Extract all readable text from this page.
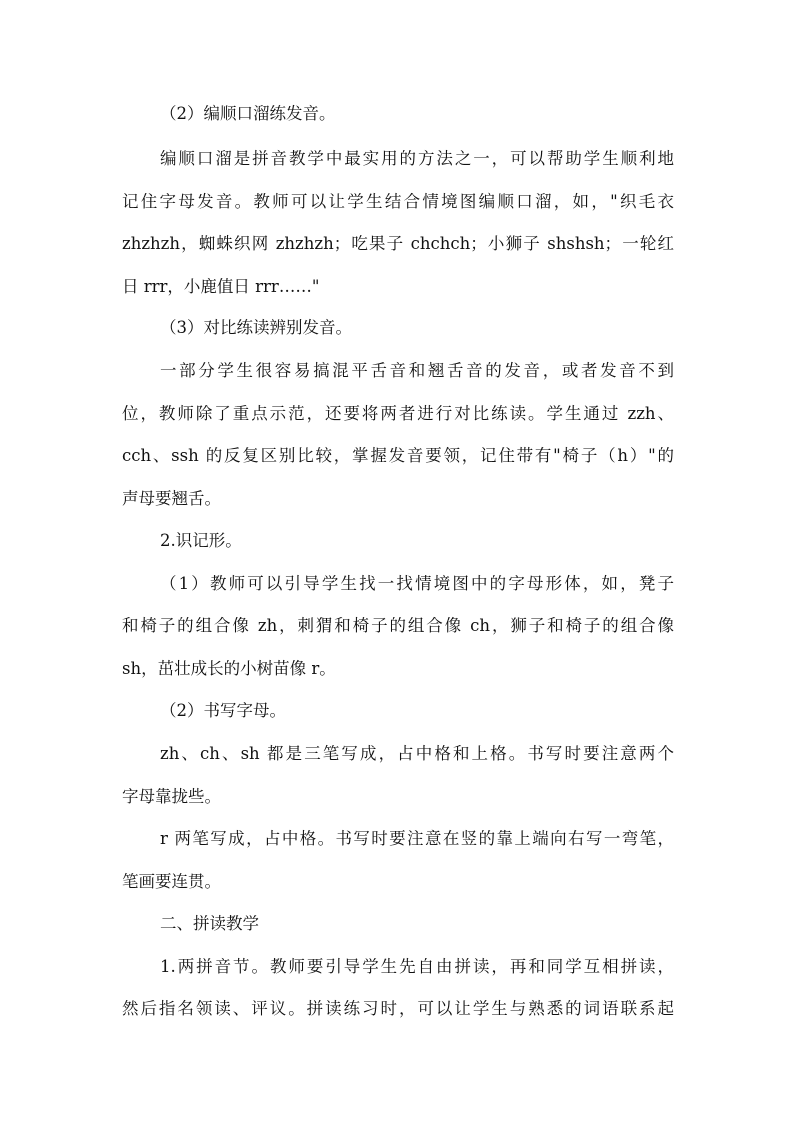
（2）编顺口溜练发音。
编顺口溜是拼音教学中最实用的方法之一，可以帮助学生顺利地
记住字母发音。教师可以让学生结合情境图编顺口溜，如，"织毛衣
zhzhzh，蜘蛛织网 zhzhzh；吃果子 chchch；小狮子 shshsh；一轮红
日 rrr，小鹿值日 rrr……"
（3）对比练读辨别发音。
一部分学生很容易搞混平舌音和翘舌音的发音，或者发音不到
位，教师除了重点示范，还要将两者进行对比练读。学生通过 zzh、
cch、ssh 的反复区别比较，掌握发音要领，记住带有"椅子（h）"的
声母要翘舌。
2.识记形。
（1）教师可以引导学生找一找情境图中的字母形体，如，凳子
和椅子的组合像 zh，刺猬和椅子的组合像 ch，狮子和椅子的组合像
sh，茁壮成长的小树苗像 r。
（2）书写字母。
zh、ch、sh 都是三笔写成，占中格和上格。书写时要注意两个
字母靠拢些。
r 两笔写成，占中格。书写时要注意在竖的靠上端向右写一弯笔，
笔画要连贯。
二、拼读教学
1.两拼音节。教师要引导学生先自由拼读，再和同学互相拼读，
然后指名领读、评议。拼读练习时，可以让学生与熟悉的词语联系起
